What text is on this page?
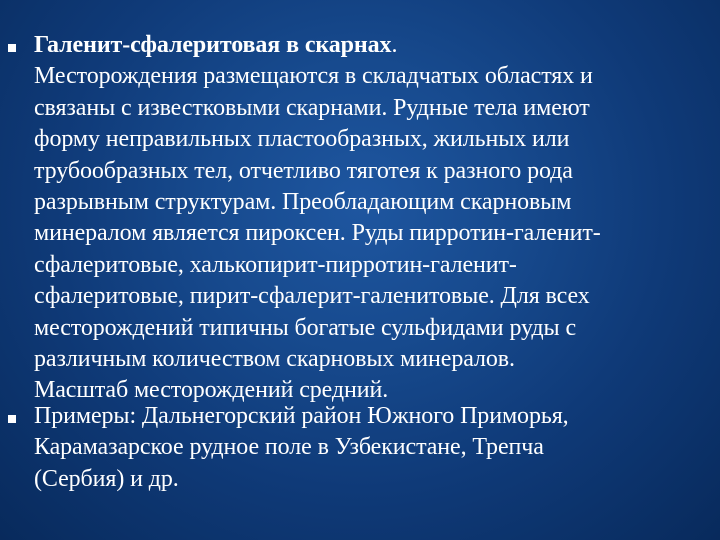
Галенит-сфалеритовая в скарнах.
Месторождения размещаются в складчатых областях и
связаны с известковыми скарнами. Рудные тела имеют
форму неправильных пластообразных, жильных или
трубообразных тел, отчетливо тяготея к разного рода
разрывным структурам. Преобладающим скарновым
минералом является пироксен. Руды пирротин-галенит-
сфалеритовые, халькопирит-пирротин-галенит-
сфалеритовые, пирит-сфалерит-галенитовые. Для всех
месторождений типичны богатые сульфидами руды с
различным количеством скарновых минералов.
Масштаб месторождений средний.
Примеры: Дальнегорский район Южного Приморья,
Карамазарское рудное поле в Узбекистане, Трепча
(Сербия) и др.
